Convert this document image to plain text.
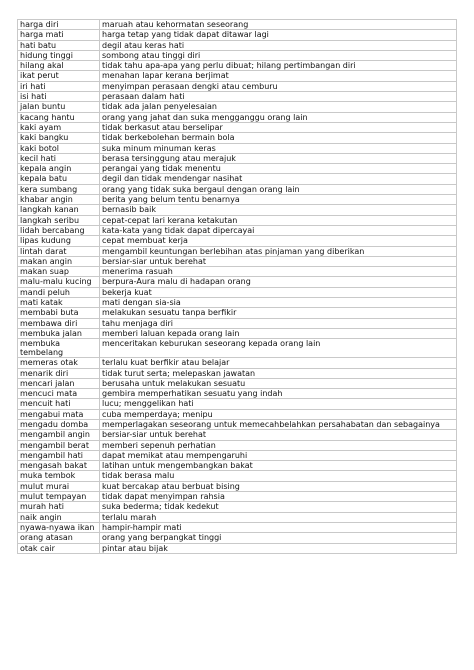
harga diri	maruah atau kehormatan seseorang
harga mati	harga tetap yang tidak dapat ditawar lagi
hati batu	degil atau keras hati
hidung tinggi	sombong atau tinggi diri
hilang akal	tidak tahu apa-apa yang perlu dibuat; hilang pertimbangan diri
ikat perut	menahan lapar kerana berjimat
iri hati	menyimpan perasaan dengki atau cemburu
isi hati	perasaan dalam hati
jalan buntu	tidak ada jalan penyelesaian
kacang hantu	orang yang jahat dan suka mengganggu orang lain
kaki ayam	tidak berkasut atau berselipar
kaki bangku	tidak berkebolehan bermain bola
kaki botol	suka minum minuman keras
kecil hati	berasa tersinggung atau merajuk
kepala angin	perangai yang tidak menentu
kepala batu	degil dan tidak mendengar nasihat
kera sumbang	orang yang tidak suka bergaul dengan orang lain
khabar angin	berita yang belum tentu benarnya
langkah kanan	bernasib baik
langkah seribu	cepat-cepat lari kerana ketakutan
lidah bercabang	kata-kata yang tidak dapat dipercayai
lipas kudung	cepat membuat kerja
lintah darat	mengambil keuntungan berlebihan atas pinjaman yang diberikan
makan angin	bersiar-siar untuk berehat
makan suap	menerima rasuah
malu-malu kucing	berpura-Aura malu di hadapan orang
mandi peluh	bekerja kuat
mati katak	mati dengan sia-sia
membabi buta	melakukan sesuatu tanpa berfikir
membawa diri	tahu menjaga diri
membuka jalan	memberi laluan kepada orang lain
membuka tembelang	menceritakan keburukan seseorang kepada orang lain
memeras otak	terlalu kuat berfikir atau belajar
menarik diri	tidak turut serta; melepaskan jawatan
mencari jalan	berusaha untuk melakukan sesuatu
mencuci mata	gembira memperhatikan sesuatu yang indah
mencuit hati	lucu; menggelikan hati
mengabui mata	cuba memperdaya; menipu
mengadu domba	memperlagakan seseorang untuk memecahbelahkan persahabatan dan sebagainya
mengambil angin	bersiar-siar untuk berehat
mengambil berat	memberi sepenuh perhatian
mengambil hati	dapat memikat atau mempengaruhi
mengasah bakat	latihan untuk mengembangkan bakat
muka tembok	tidak berasa malu
mulut murai	kuat bercakap atau berbuat bising
mulut tempayan	tidak dapat menyimpan rahsia
murah hati	suka bederma; tidak kedekut
naik angin	terlalu marah
nyawa-nyawa ikan	hampir-hampir mati
orang atasan	orang yang berpangkat tinggi
otak cair	pintar atau bijak
